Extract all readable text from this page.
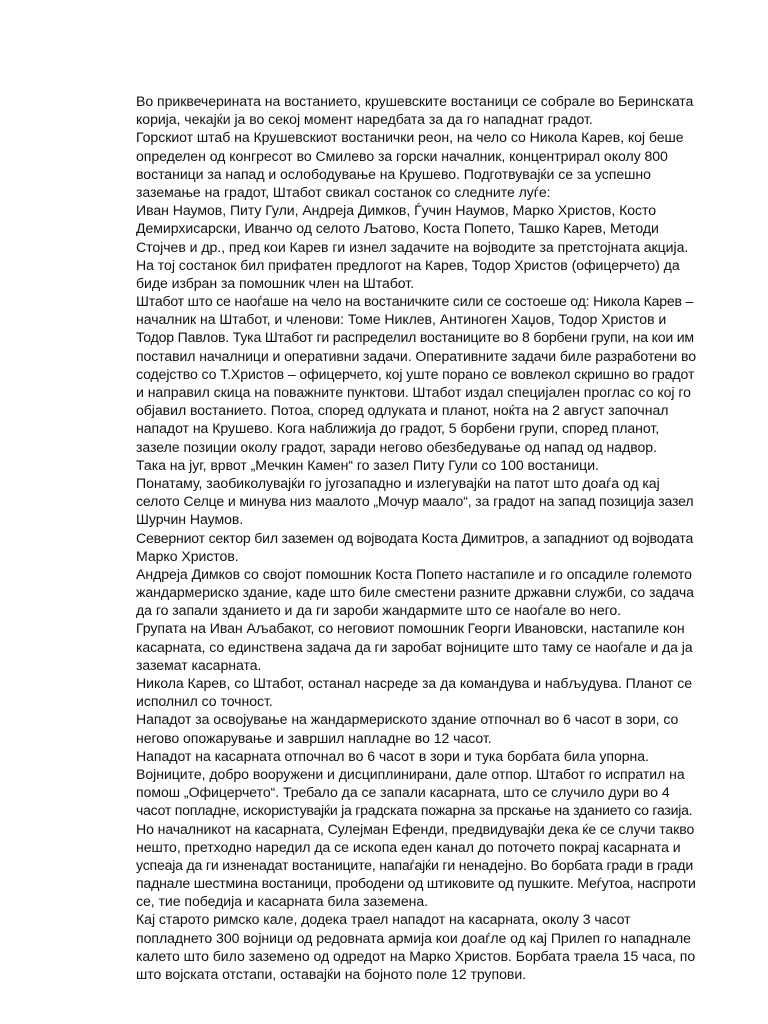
Во приквечерината на востанието, крушевските востаници се собрале во Беринската
корија, чекајќи ја во секој момент наредбата за да го нападнат градот.
Горскиот штаб на Крушевскиот востанички реон, на чело со Никола Карев, кој беше
определен од конгресот во Смилево за горски началник, концентрирал околу 800
востаници за напад и ослободување на Крушево. Подготвувајќи се за успешно
заземање на градот, Штабот свикал состанок со следните луѓе:
Иван Наумов, Питу Гули, Андреја Димков, Ѓучин Наумов, Марко Христов, Косто
Демирхисарски, Иванчо од селото Љатово, Коста Попето, Ташко Карев, Методи
Стојчев и др., пред кои Карев ги изнел задачите на војводите за претстојната акција.
На тој состанок бил прифатен предлогот на Карев, Тодор Христов (офицерчето) да
биде избран за помошник член на Штабот.
Штабот што се наоѓаше на чело на востаничките сили се состоеше од: Никола Карев –
началник на Штабот, и членови: Томе Никлев, Антиноген Хаџов, Тодор Христов и
Тодор Павлов. Тука Штабот ги распределил востаниците во 8 борбени групи, на кои им
поставил началници и оперативни задачи. Оперативните задачи биле разработени во
содејство со Т.Христов – офицерчето, кој уште порано се вовлекол скришно во градот
и направил скица на поважните пунктови. Штабот издал специјален проглас со кој го
објавил востанието. Потоа, според одлуката и планот, ноќта на 2 август започнал
нападот на Крушево. Кога наближија до градот, 5 борбени групи, според планот,
зазеле позиции околу градот, заради негово обезбедување од напад од надвор.
Така на југ, врвот „Мечкин Камен“ го зазел Питу Гули со 100 востаници.
Понатаму, заобиколувајќи го југозападно и излегувајќи на патот што доаѓа од кај
селото Селце и минува низ маалото „Мочур маало“, за градот на запад позиција зазел
Шурчин Наумов.
Северниот сектор бил заземен од војводата Коста Димитров, а западниот од војводата
Марко Христов.
Андреја Димков со својот помошник Коста Попето настапиле и го опсадиле големото
жандармериско здание, каде што биле сместени разните државни служби, со задача
да го запали зданието и да ги зароби жандармите што се наоѓале во него.
Групата на Иван Аљабакот, со неговиот помошник Георги Ивановски, настапиле кон
касарната, со единствена задача да ги заробат војниците што таму се наоѓале и да ја
заземат касарната.
Никола Карев, со Штабот, останал насреде за да командува и набљудува. Планот се
исполнил со точност.
Нападот за освојување на жандармериското здание отпочнал во 6 часот в зори, со
негово опожарување и завршил напладне во 12 часот.
Нападот на касарната отпочнал во 6 часот в зори и тука борбата била упорна.
Војниците, добро вооружени и дисциплинирани, дале отпор. Штабот го испратил на
помош „Офицерчето“. Требало да се запали касарната, што се случило дури во 4
часот попладне, искористувајќи ја градската пожарна за прскање на зданието со газија.
Но началникот на касарната, Сулејман Ефенди, предвидувајќи дека ќе се случи такво
нешто, претходно наредил да се ископа еден канал до поточето покрај касарната и
успеаја да ги изненадат востаниците, напаѓајќи ги ненадејно. Во борбата гради в гради
падналe шестмина востаници, прободени од штиковите од пушките. Меѓутоа, наспроти
се, тие победија и касарната била заземена.
Кај старото римско кале, додека траел нападот на касарната, околу 3 часот
попладнето 300 војници од редовната армија кои доаѓле од кај Прилеп го нападнале
калето што било заземено од одредот на Марко Христов. Борбата траела 15 часа, по
што војската отстапи, оставајќи на бојното поле 12 трупови.
